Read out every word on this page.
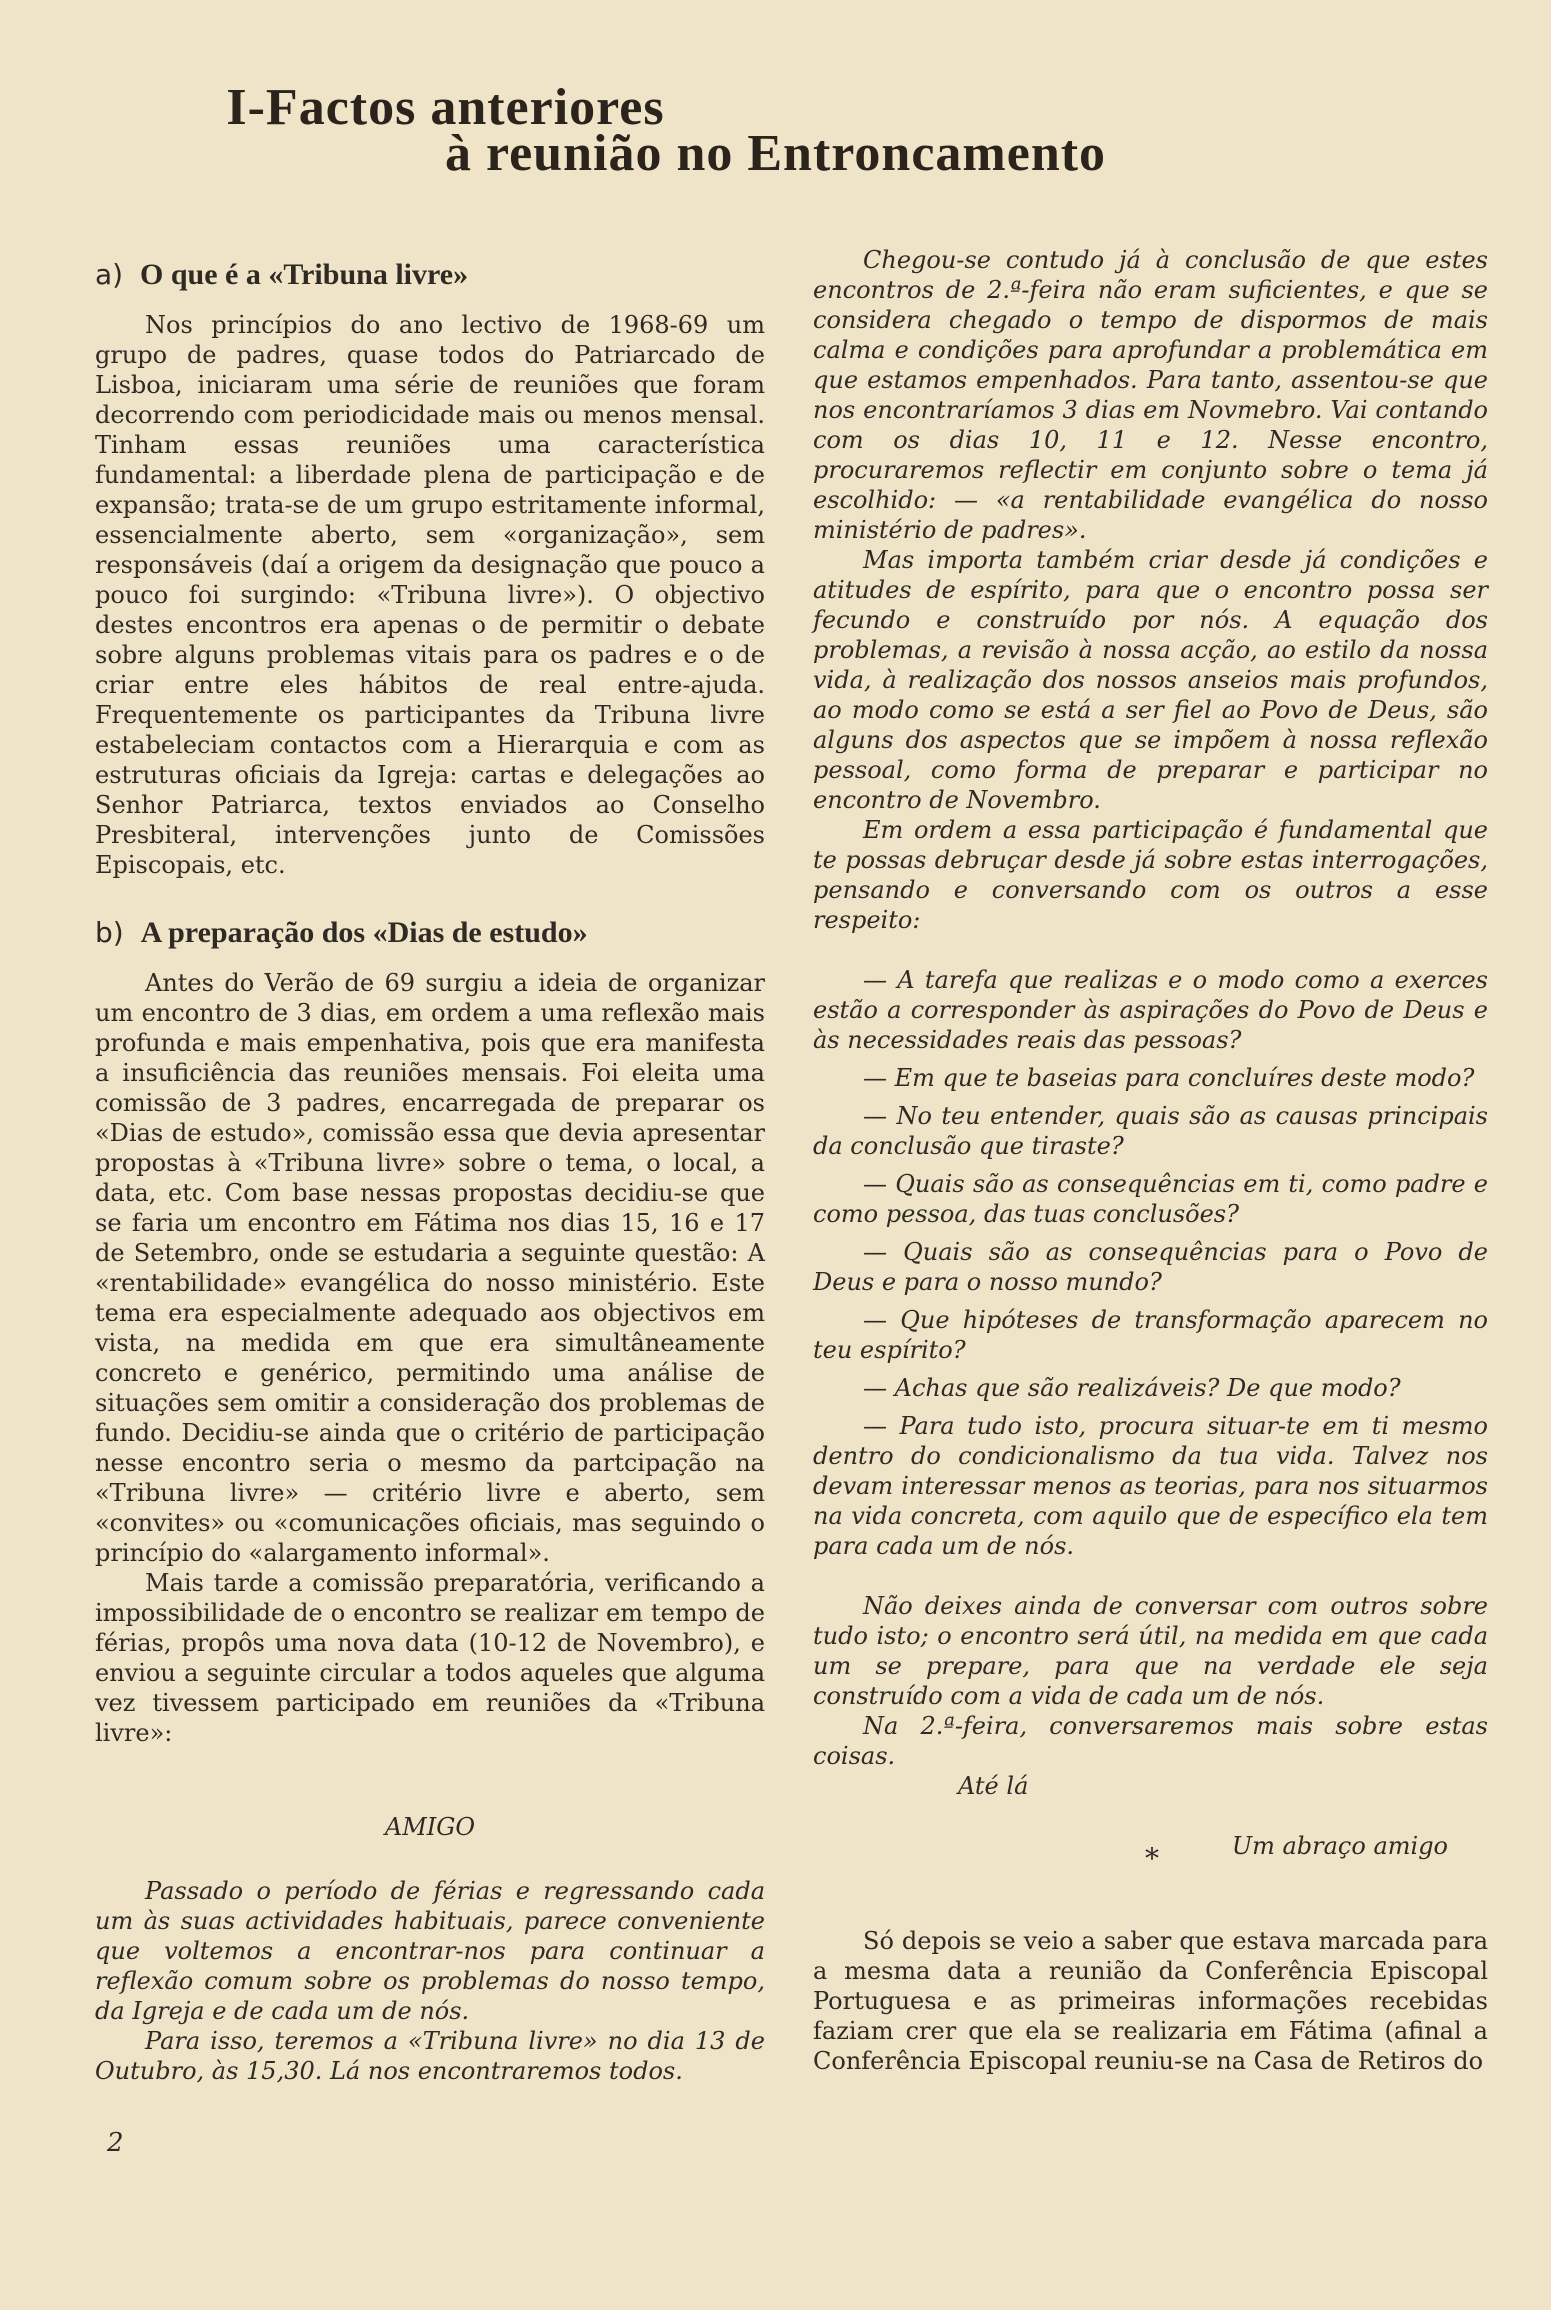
I-Factos anteriores
à reunião no Entroncamento
a) O que é a «Tribuna livre»

Nos princípios do ano lectivo de 1968-69 um grupo de padres, quase todos do Patriarcado de Lisboa, iniciaram uma série de reuniões que foram decorrendo com periodicidade mais ou menos mensal. Tinham essas reuniões uma característica fundamental: a liberdade plena de participação e de expansão; trata-se de um grupo estritamente informal, essencialmente aberto, sem «organização», sem responsáveis (daí a origem da designação que pouco a pouco foi surgindo: «Tribuna livre»). O objectivo destes encontros era apenas o de permitir o debate sobre alguns problemas vitais para os padres e o de criar entre eles hábitos de real entre-ajuda. Frequentemente os participantes da Tribuna livre estabeleciam contactos com a Hierarquia e com as estruturas oficiais da Igreja: cartas e delegações ao Senhor Patriarca, textos enviados ao Conselho Presbiteral, intervenções junto de Comissões Episcopais, etc.

b) A preparação dos «Dias de estudo»

Antes do Verão de 69 surgiu a ideia de organizar um encontro de 3 dias, em ordem a uma reflexão mais profunda e mais empenhativa, pois que era manifesta a insuficiência das reuniões mensais. Foi eleita uma comissão de 3 padres, encarregada de preparar os «Dias de estudo», comissão essa que devia apresentar propostas à «Tribuna livre» sobre o tema, o local, a data, etc. Com base nessas propostas decidiu-se que se faria um encontro em Fátima nos dias 15, 16 e 17 de Setembro, onde se estudaria a seguinte questão: A «rentabilidade» evangélica do nosso ministério. Este tema era especialmente adequado aos objectivos em vista, na medida em que era simultâneamente concreto e genérico, permitindo uma análise de situações sem omitir a consideração dos problemas de fundo. Decidiu-se ainda que o critério de participação nesse encontro seria o mesmo da partcipação na «Tribuna livre» — critério livre e aberto, sem «convites» ou «comunicações oficiais, mas seguindo o princípio do «alargamento informal».

Mais tarde a comissão preparatória, verificando a impossibilidade de o encontro se realizar em tempo de férias, propôs uma nova data (10-12 de Novembro), e enviou a seguinte circular a todos aqueles que alguma vez tivessem participado em reuniões da «Tribuna livre»:

AMIGO

Passado o período de férias e regressando cada um às suas actividades habituais, parece conveniente que voltemos a encontrar-nos para continuar a reflexão comum sobre os problemas do nosso tempo, da Igreja e de cada um de nós.

Para isso, teremos a «Tribuna livre» no dia 13 de Outubro, às 15,30. Lá nos encontraremos todos.

2

Chegou-se contudo já à conclusão de que estes encontros de 2.ª-feira não eram suficientes, e que se considera chegado o tempo de dispormos de mais calma e condições para aprofundar a problemática em que estamos empenhados. Para tanto, assentou-se que nos encontraríamos 3 dias em Novmebro. Vai contando com os dias 10, 11 e 12. Nesse encontro, procuraremos reflectir em conjunto sobre o tema já escolhido: — «a rentabilidade evangélica do nosso ministério de padres».

Mas importa também criar desde já condições e atitudes de espírito, para que o encontro possa ser fecundo e construído por nós. A equação dos problemas, a revisão à nossa acção, ao estilo da nossa vida, à realização dos nossos anseios mais profundos, ao modo como se está a ser fiel ao Povo de Deus, são alguns dos aspectos que se impõem à nossa reflexão pessoal, como forma de preparar e participar no encontro de Novembro.

Em ordem a essa participação é fundamental que te possas debruçar desde já sobre estas interrogações, pensando e conversando com os outros a esse respeito:

— A tarefa que realizas e o modo como a exerces estão a corresponder às aspirações do Povo de Deus e às necessidades reais das pessoas?

— Em que te baseias para concluíres deste modo?

— No teu entender, quais são as causas principais da conclusão que tiraste?

— Quais são as consequências em ti, como padre e como pessoa, das tuas conclusões?

— Quais são as consequências para o Povo de Deus e para o nosso mundo?

— Que hipóteses de transformação aparecem no teu espírito?

— Achas que são realizáveis? De que modo?

— Para tudo isto, procura situar-te em ti mesmo dentro do condicionalismo da tua vida. Talvez nos devam interessar menos as teorias, para nos situarmos na vida concreta, com aquilo que de específico ela tem para cada um de nós.

Não deixes ainda de conversar com outros sobre tudo isto; o encontro será útil, na medida em que cada um se prepare, para que na verdade ele seja construído com a vida de cada um de nós.

Na 2.ª-feira, conversaremos mais sobre estas coisas.

Até lá

Um abraço amigo

*

Só depois se veio a saber que estava marcada para a mesma data a reunião da Conferência Episcopal Portuguesa e as primeiras informações recebidas faziam crer que ela se realizaria em Fátima (afinal a Conferência Episcopal reuniu-se na Casa de Retiros do
